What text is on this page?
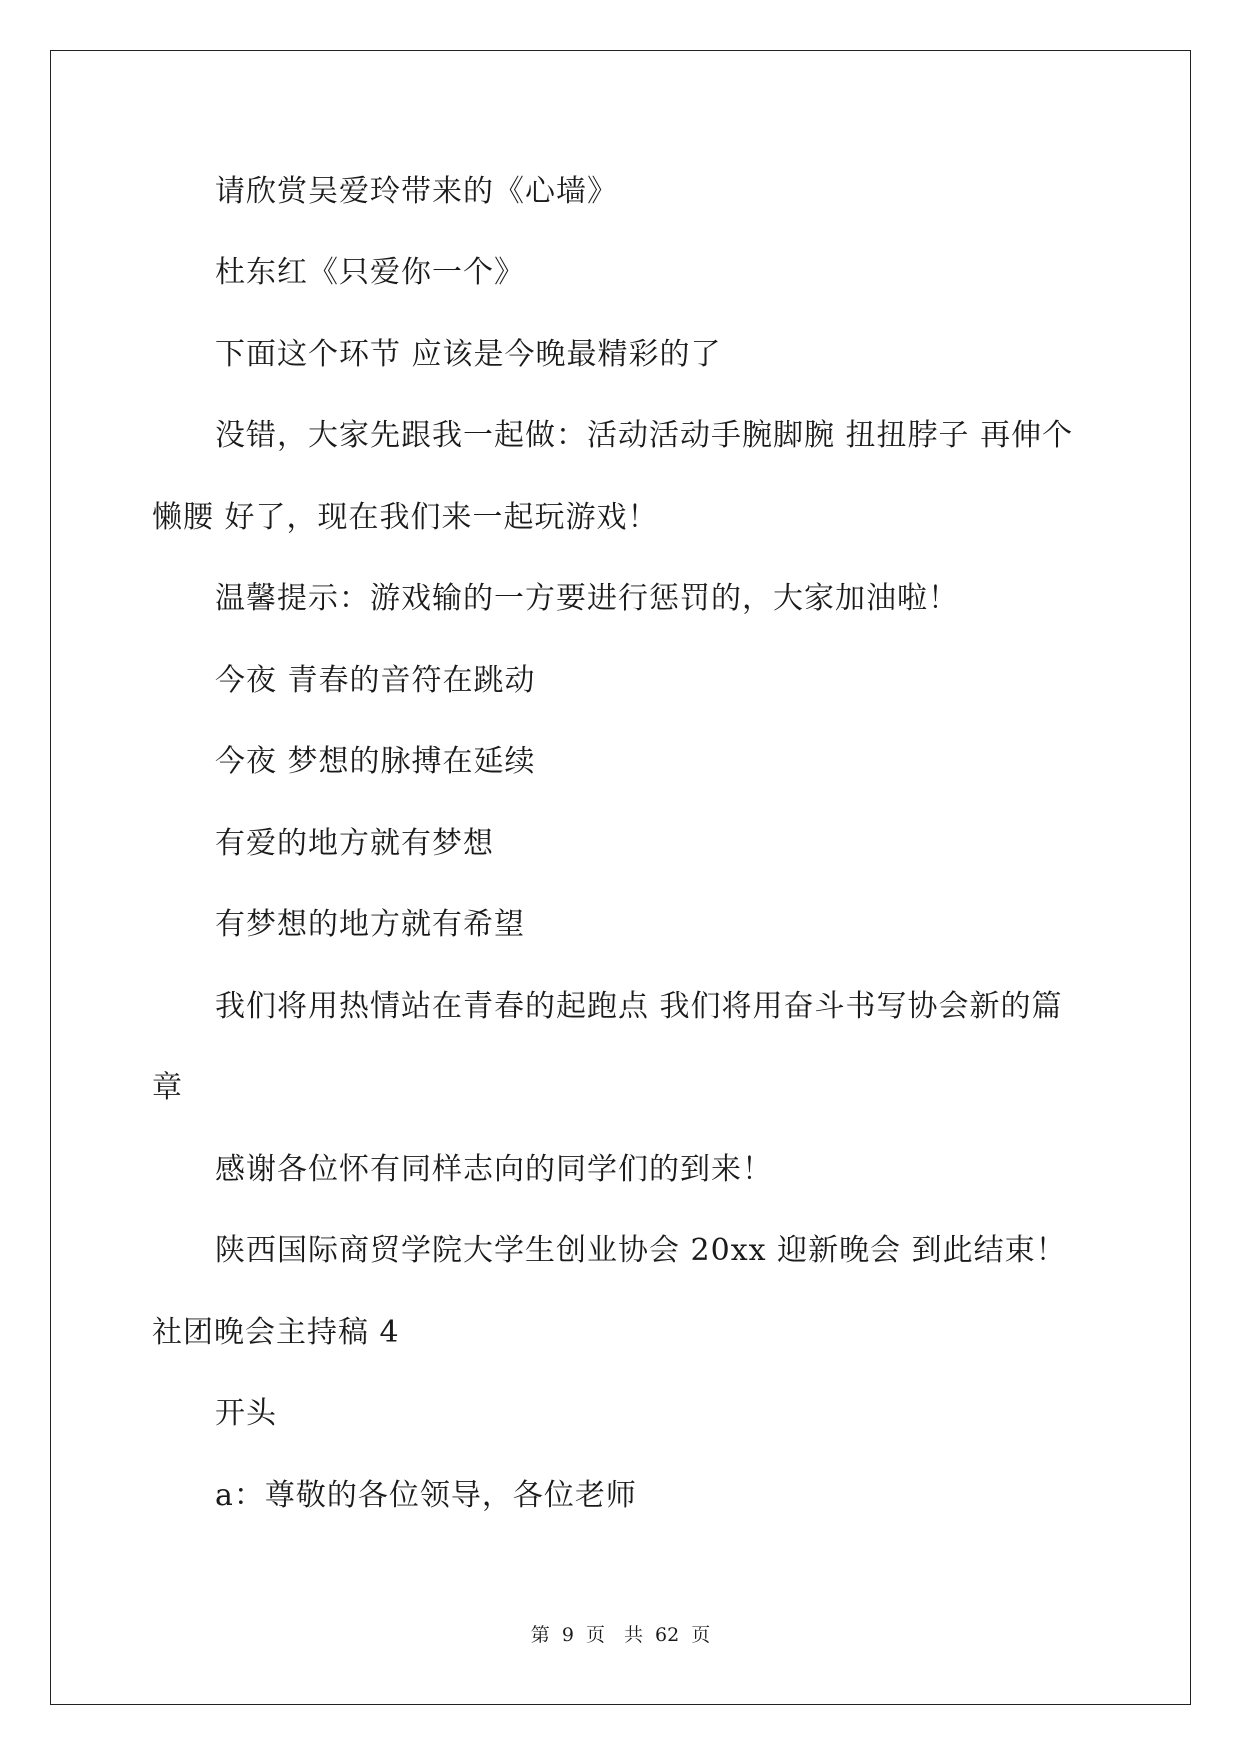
请欣赏吴爱玲带来的《心墙》
杜东红《只爱你一个》
下面这个环节 应该是今晚最精彩的了
没错，大家先跟我一起做：活动活动手腕脚腕 扭扭脖子 再伸个
懒腰 好了，现在我们来一起玩游戏！
温馨提示：游戏输的一方要进行惩罚的，大家加油啦！
今夜 青春的音符在跳动
今夜 梦想的脉搏在延续
有爱的地方就有梦想
有梦想的地方就有希望
我们将用热情站在青春的起跑点 我们将用奋斗书写协会新的篇
章
感谢各位怀有同样志向的同学们的到来！
陕西国际商贸学院大学生创业协会 20xx 迎新晚会 到此结束！
社团晚会主持稿 4
开头
a：尊敬的各位领导，各位老师
第 9 页　共 62 页
